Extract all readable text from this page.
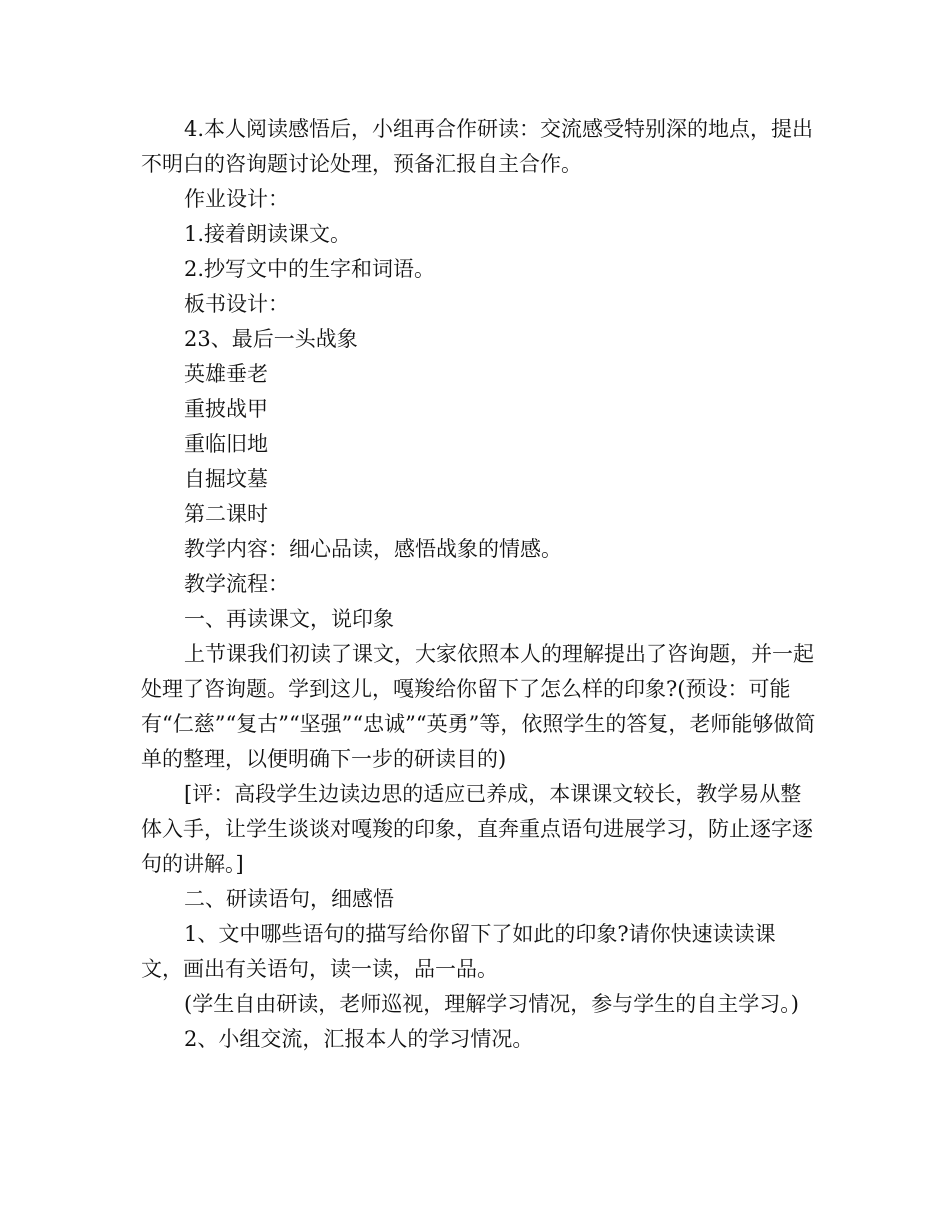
4.本人阅读感悟后，小组再合作研读：交流感受特别深的地点，提出不明白的咨询题讨论处理，预备汇报自主合作。

作业设计：

1.接着朗读课文。

2.抄写文中的生字和词语。

板书设计：

23、最后一头战象

英雄垂老

重披战甲

重临旧地

自掘坟墓

第二课时

教学内容：细心品读，感悟战象的情感。

教学流程：

一、再读课文，说印象

上节课我们初读了课文，大家依照本人的理解提出了咨询题，并一起处理了咨询题。学到这儿，嘎羧给你留下了怎么样的印象?(预设：可能有“仁慈”“复古”“坚强”“忠诚”“英勇”等，依照学生的答复，老师能够做简单的整理，以便明确下一步的研读目的)

[评：高段学生边读边思的适应已养成，本课课文较长，教学易从整体入手，让学生谈谈对嘎羧的印象，直奔重点语句进展学习，防止逐字逐句的讲解。]

二、研读语句，细感悟

1、文中哪些语句的描写给你留下了如此的印象?请你快速读读课文，画出有关语句，读一读，品一品。

(学生自由研读，老师巡视，理解学习情况，参与学生的自主学习。)

2、小组交流，汇报本人的学习情况。
